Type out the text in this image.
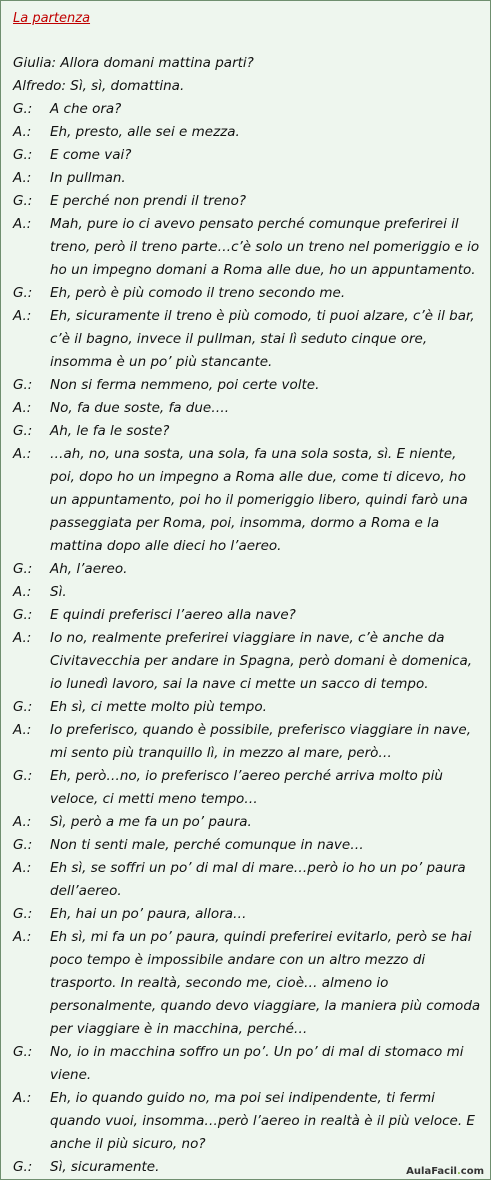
La partenza
Giulia: Allora domani mattina parti?
Alfredo: Sì, sì, domattina.
G.:	A che ora?
A.:	Eh, presto, alle sei e mezza.
G.:	E come vai?
A.:	In pullman.
G.:	E perché non prendi il treno?
A.:	Mah, pure io ci avevo pensato perché comunque preferirei il treno, però il treno parte…c’è solo un treno nel pomeriggio e io ho un impegno domani a Roma alle due, ho un appuntamento.
G.:	Eh, però è più comodo il treno secondo me.
A.:	Eh, sicuramente il treno è più comodo, ti puoi alzare, c’è il bar, c’è il bagno, invece il pullman, stai lì seduto cinque ore, insomma è un po’ più stancante.
G.:	Non si ferma nemmeno, poi certe volte.
A.:	No, fa due soste, fa due….
G.:	Ah, le fa le soste?
A.:	…ah, no, una sosta, una sola, fa una sola sosta, sì. E niente, poi, dopo ho un impegno a Roma alle due, come ti dicevo, ho un appuntamento, poi ho il pomeriggio libero, quindi farò una passeggiata per Roma, poi, insomma, dormo a Roma e la mattina dopo alle dieci ho l’aereo.
G.:	Ah, l’aereo.
A.:	Sì.
G.:	E quindi preferisci l’aereo alla nave?
A.:	Io no, realmente preferirei viaggiare in nave, c’è anche da Civitavecchia per andare in Spagna, però domani è domenica, io lunedì lavoro, sai la nave ci mette un sacco di tempo.
G.:	Eh sì, ci mette molto più tempo.
A.:	Io preferisco, quando è possibile, preferisco viaggiare in nave, mi sento più tranquillo lì, in mezzo al mare, però…
G.:	Eh, però…no, io preferisco l’aereo perché arriva molto più veloce, ci metti meno tempo…
A.:	Sì, però a me fa un po’ paura.
G.:	Non ti senti male, perché comunque in nave…
A.:	Eh sì, se soffri un po’ di mal di mare…però io ho un po’ paura dell’aereo.
G.:	Eh, hai un po’ paura, allora…
A.:	Eh sì, mi fa un po’ paura, quindi preferirei evitarlo, però se hai poco tempo è impossibile andare con un altro mezzo di trasporto. In realtà, secondo me, cioè… almeno io personalmente, quando devo viaggiare, la maniera più comoda per viaggiare è in macchina, perché…
G.:	No, io in macchina soffro un po’. Un po’ di mal di stomaco mi viene.
A.:	Eh, io quando guido no, ma poi sei indipendente, ti fermi quando vuoi, insomma…però l’aereo in realtà è il più veloce. E anche il più sicuro, no?
G.:	Sì, sicuramente.	AulaFacil.com
